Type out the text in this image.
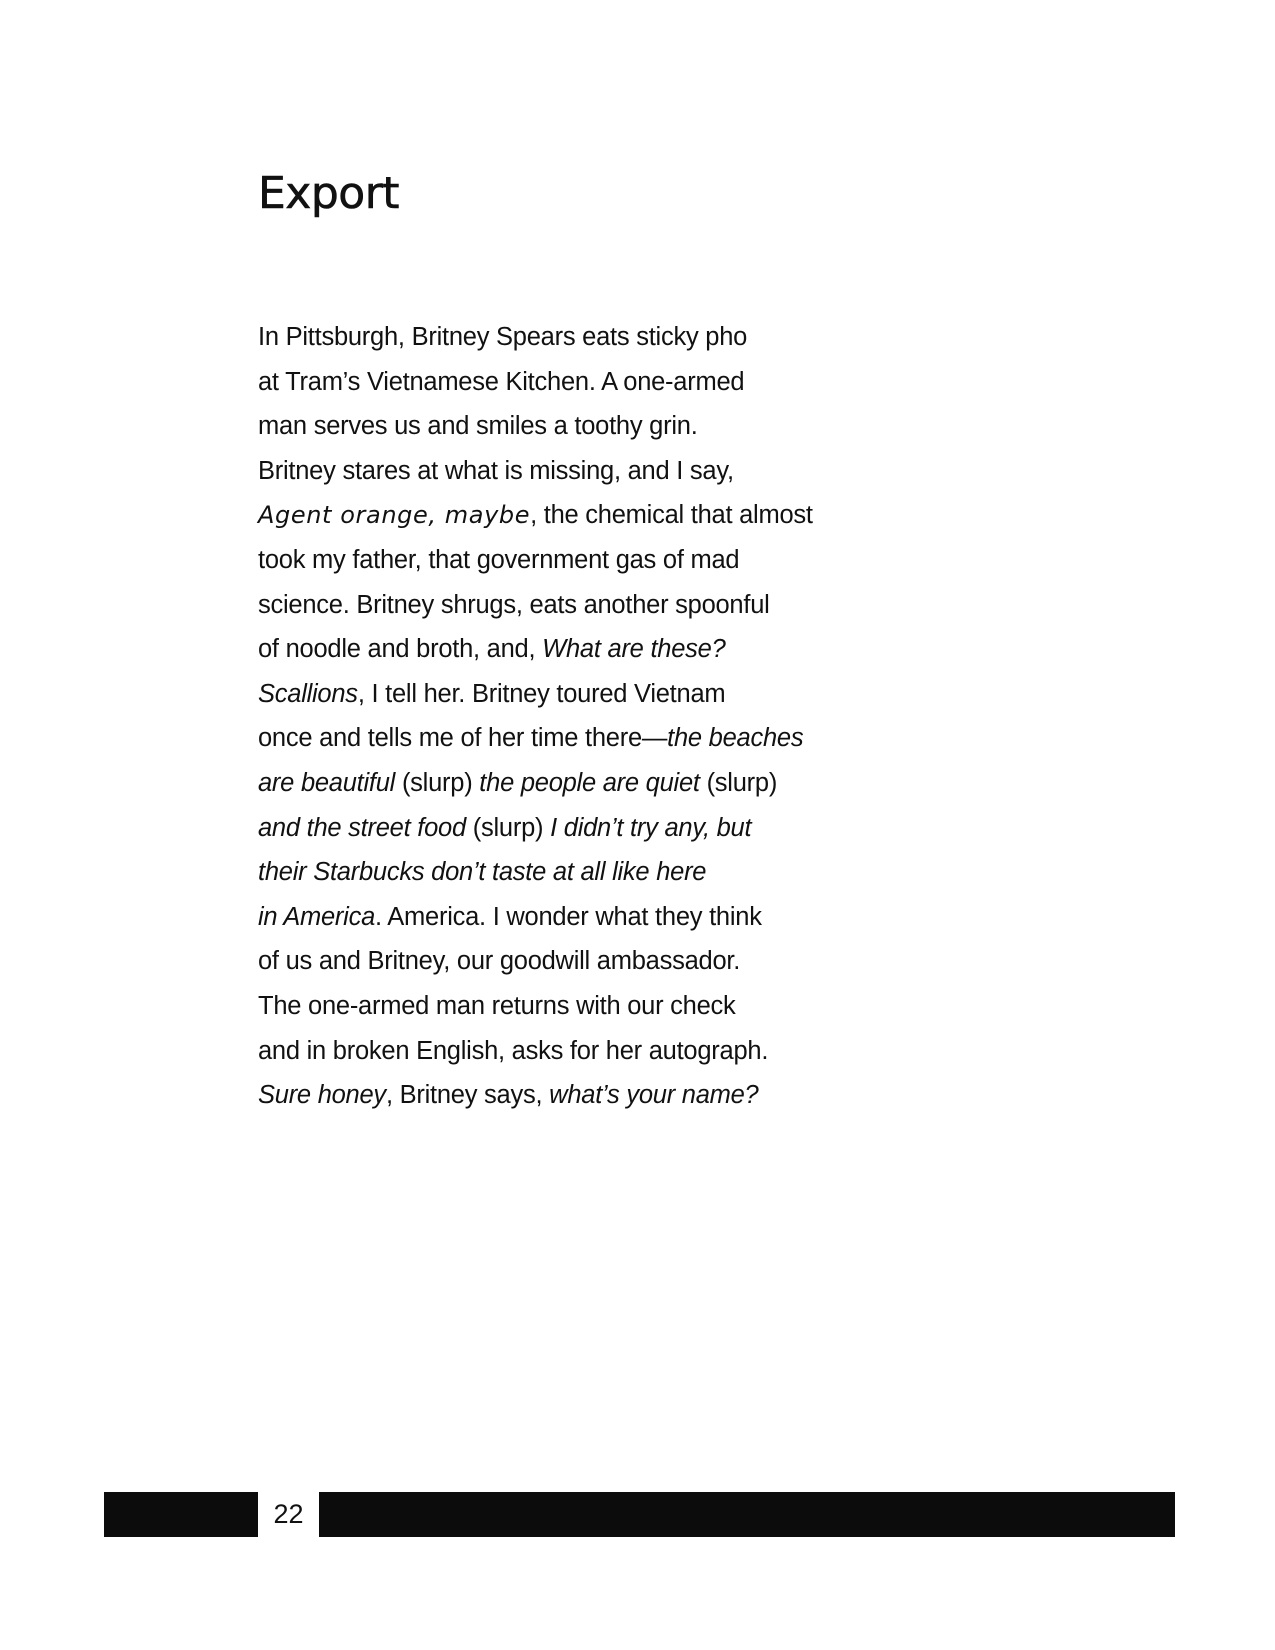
Export
In Pittsburgh, Britney Spears eats sticky pho
at Tram’s Vietnamese Kitchen. A one-armed
man serves us and smiles a toothy grin.
Britney stares at what is missing, and I say,
Agent orange, maybe, the chemical that almost
took my father, that government gas of mad
science. Britney shrugs, eats another spoonful
of noodle and broth, and, What are these?
Scallions, I tell her. Britney toured Vietnam
once and tells me of her time there—the beaches
are beautiful (slurp) the people are quiet (slurp)
and the street food (slurp) I didn’t try any, but
their Starbucks don’t taste at all like here
in America. America. I wonder what they think
of us and Britney, our goodwill ambassador.
The one-armed man returns with our check
and in broken English, asks for her autograph.
Sure honey, Britney says, what’s your name?
22
